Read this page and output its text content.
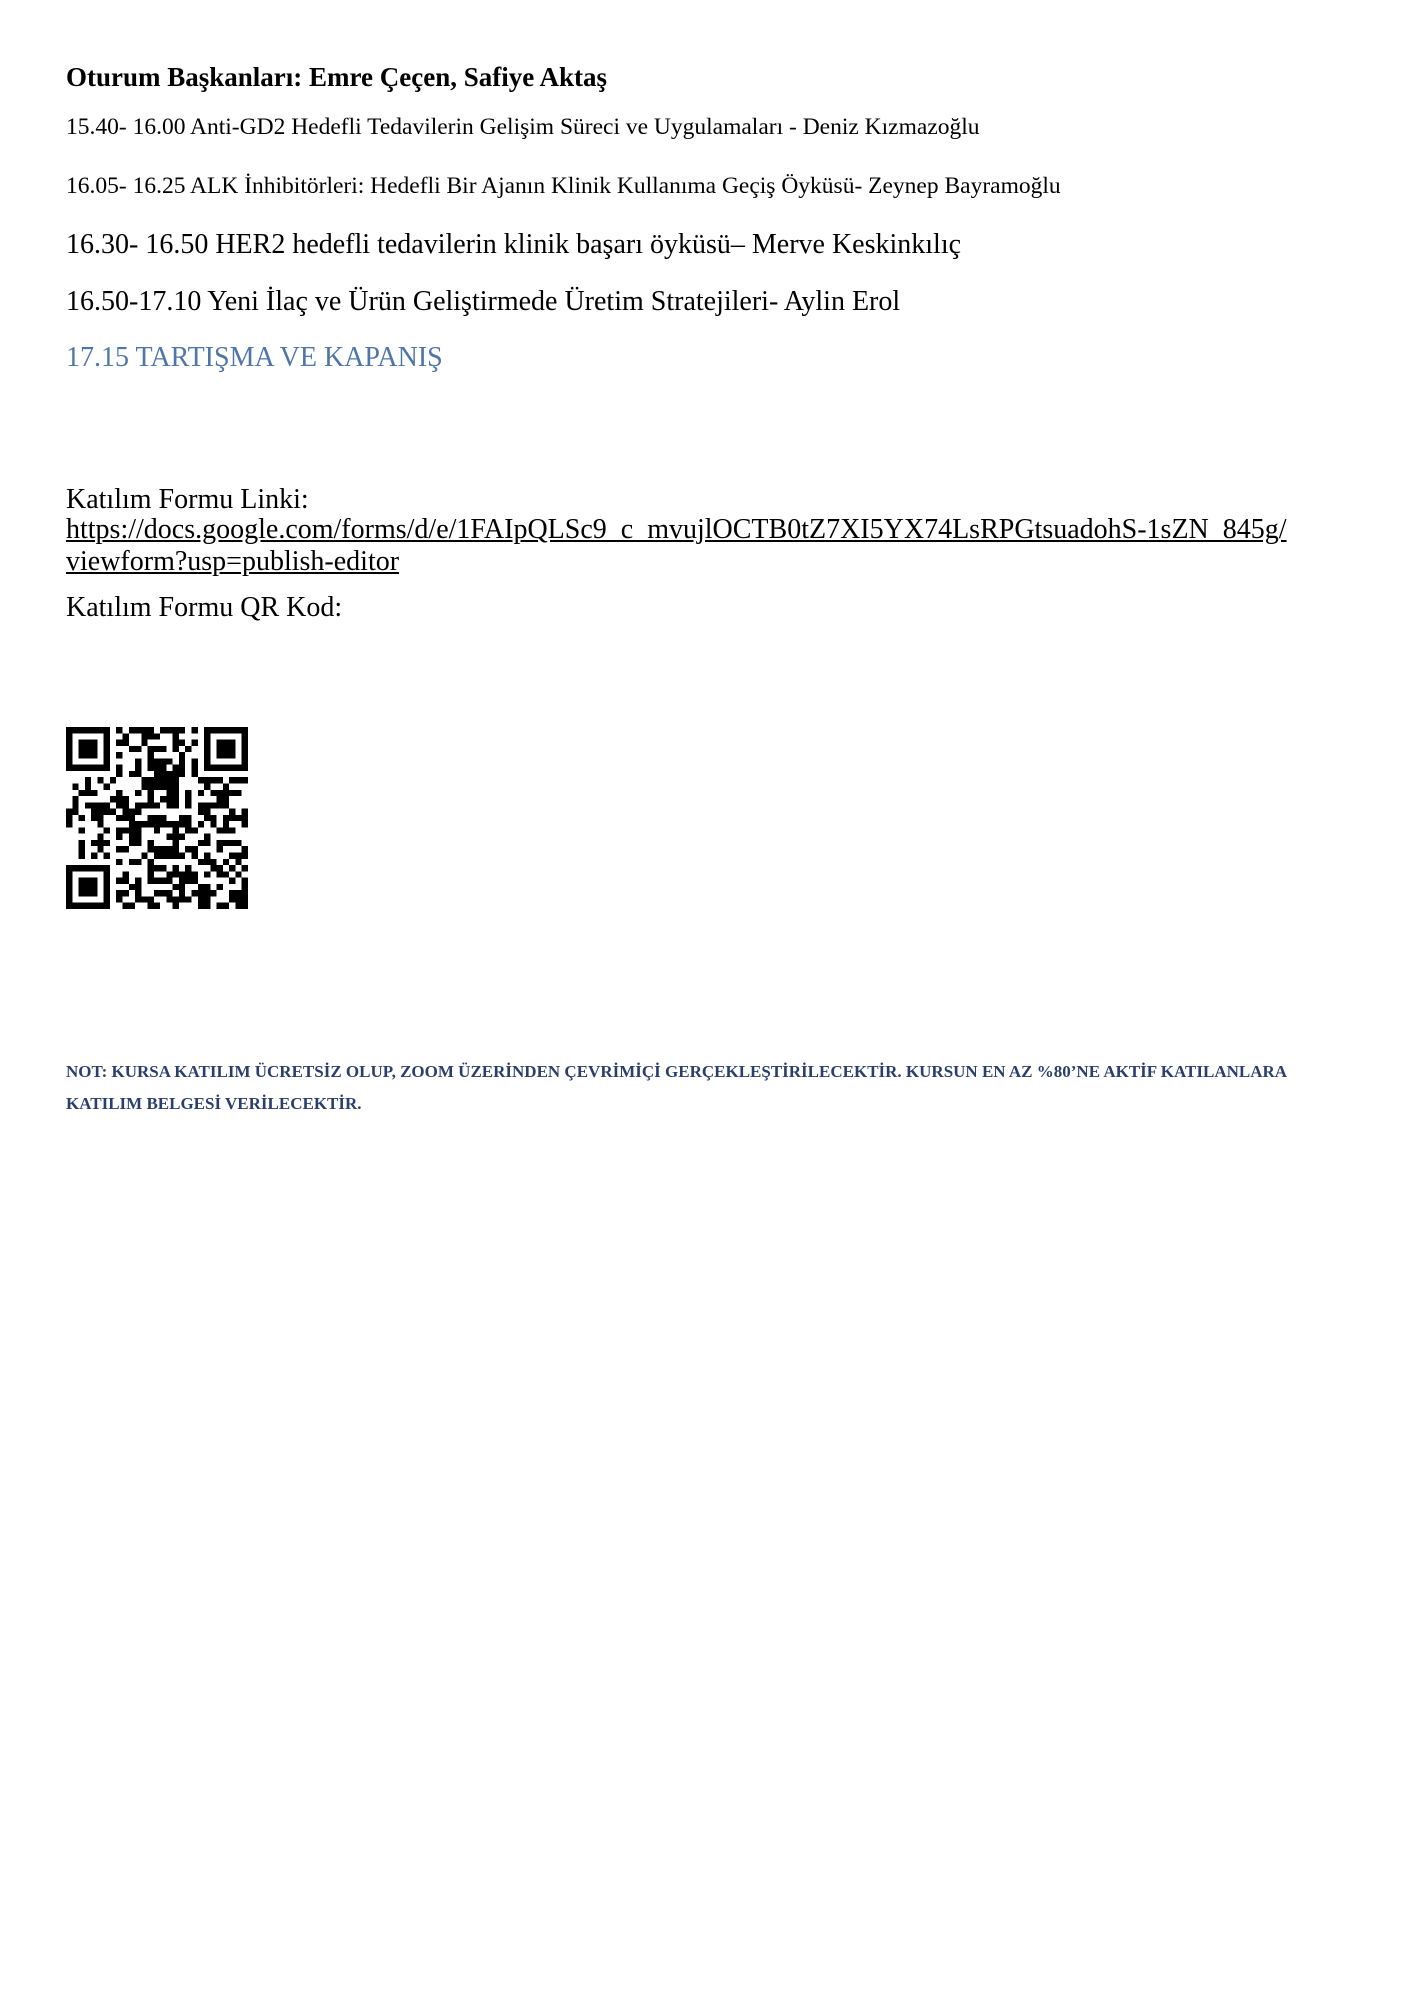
Oturum Başkanları: Emre Çeçen, Safiye Aktaş
15.40- 16.00 Anti-GD2 Hedefli Tedavilerin Gelişim Süreci ve Uygulamaları - Deniz Kızmazoğlu
16.05- 16.25 ALK İnhibitörleri: Hedefli Bir Ajanın Klinik Kullanıma Geçiş Öyküsü- Zeynep Bayramoğlu
16.30- 16.50 HER2 hedefli tedavilerin klinik başarı öyküsü– Merve Keskinkılıç
16.50-17.10 Yeni İlaç ve Ürün Geliştirmede Üretim Stratejileri- Aylin Erol
17.15 TARTIŞMA VE KAPANIŞ
Katılım Formu Linki:
https://docs.google.com/forms/d/e/1FAIpQLSc9_c_mvujlOCTB0tZ7XI5YX74LsRPGtsuadohS-1sZN_845g/viewform?usp=publish-editor
Katılım Formu QR Kod:
NOT: KURSA KATILIM ÜCRETSİZ OLUP, ZOOM ÜZERİNDEN ÇEVRİMİÇİ GERÇEKLEŞTİRİLECEKTİR. KURSUN EN AZ %80’NE AKTİF KATILANLARA KATILIM BELGESİ VERİLECEKTİR.
